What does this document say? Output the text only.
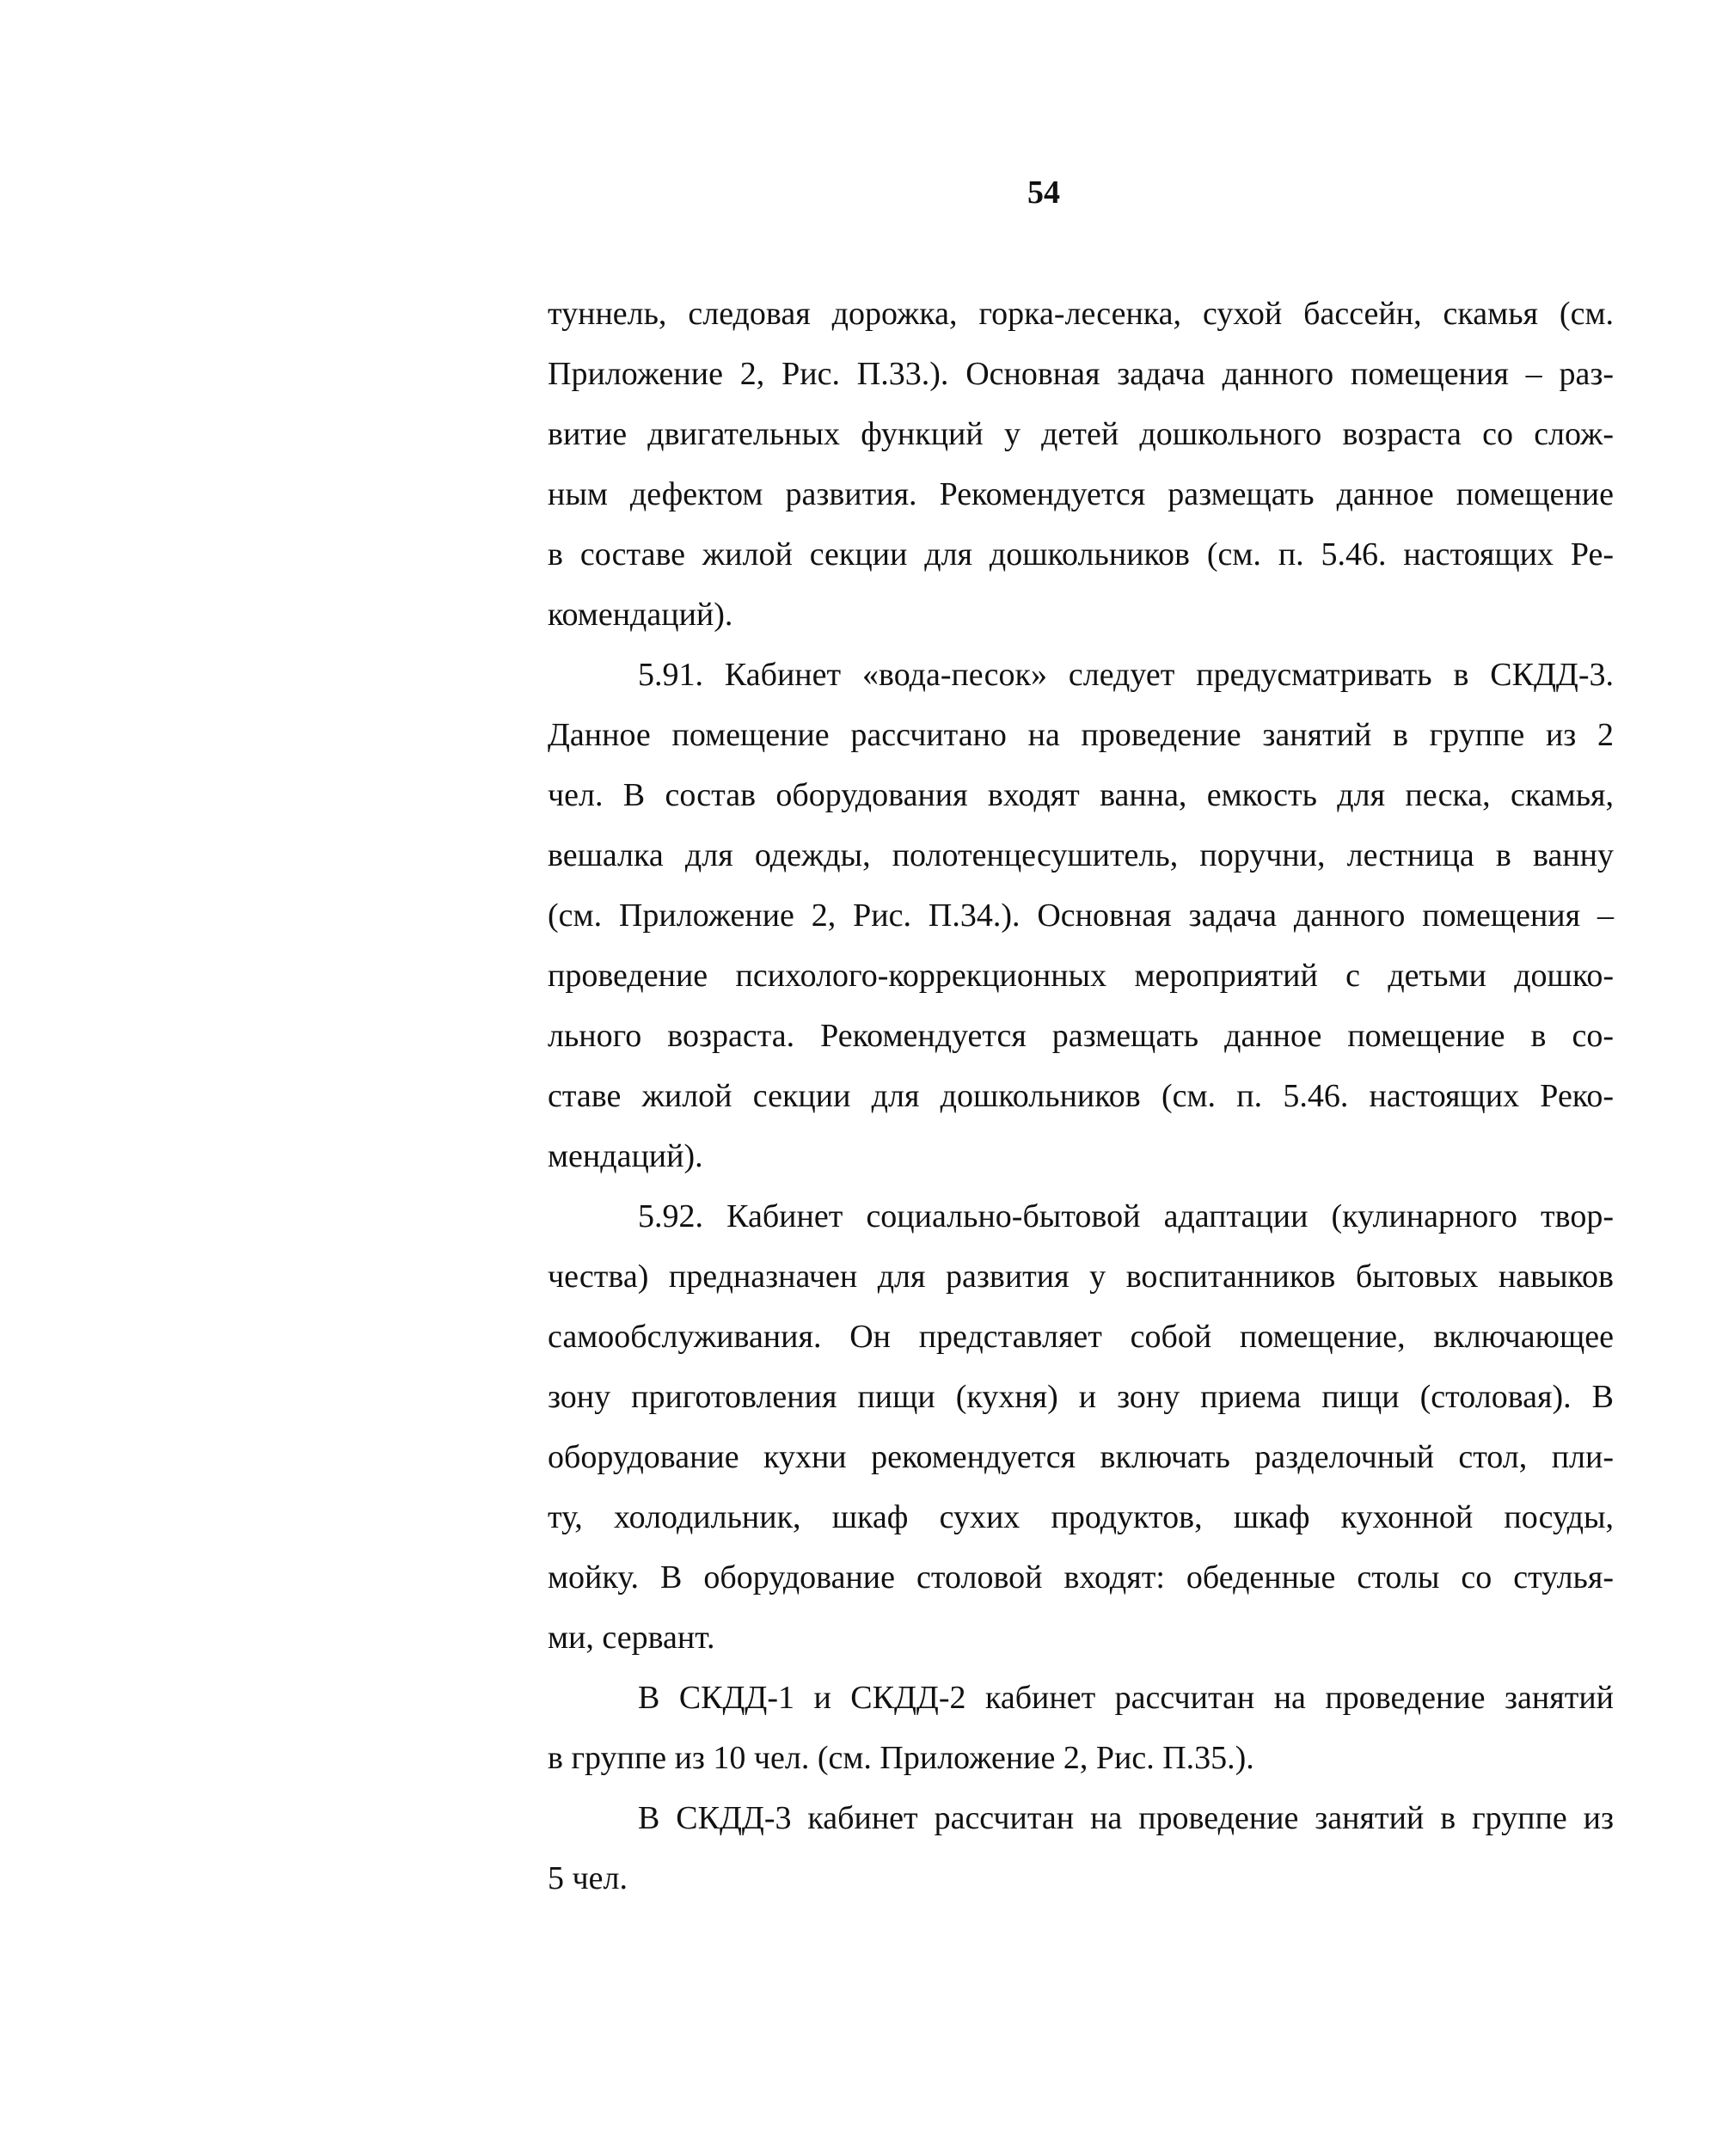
54

туннель, следовая дорожка, горка-лесенка, сухой бассейн, скамья (см.
Приложение 2, Рис. П.33.). Основная задача данного помещения – раз-
витие двигательных функций у детей дошкольного возраста со слож-
ным дефектом развития. Рекомендуется размещать данное помещение
в составе жилой секции для дошкольников (см. п. 5.46. настоящих Ре-
комендаций).

5.91. Кабинет «вода-песок» следует предусматривать в СКДД-3.
Данное помещение рассчитано на проведение занятий в группе из 2
чел. В состав оборудования входят ванна, емкость для песка, скамья,
вешалка для одежды, полотенцесушитель, поручни, лестница в ванну
(см. Приложение 2, Рис. П.34.). Основная задача данного помещения –
проведение психолого-коррекционных мероприятий с детьми дошко-
льного возраста. Рекомендуется размещать данное помещение в со-
ставе жилой секции для дошкольников (см. п. 5.46. настоящих Реко-
мендаций).

5.92. Кабинет социально-бытовой адаптации (кулинарного твор-
чества) предназначен для развития у воспитанников бытовых навыков
самообслуживания. Он представляет собой помещение, включающее
зону приготовления пищи (кухня) и зону приема пищи (столовая). В
оборудование кухни рекомендуется включать разделочный стол, пли-
ту, холодильник, шкаф сухих продуктов, шкаф кухонной посуды,
мойку. В оборудование столовой входят: обеденные столы со стулья-
ми, сервант.

В СКДД-1 и СКДД-2 кабинет рассчитан на проведение занятий
в группе из 10 чел. (см. Приложение 2, Рис. П.35.).

В СКДД-3 кабинет рассчитан на проведение занятий в группе из
5 чел.
